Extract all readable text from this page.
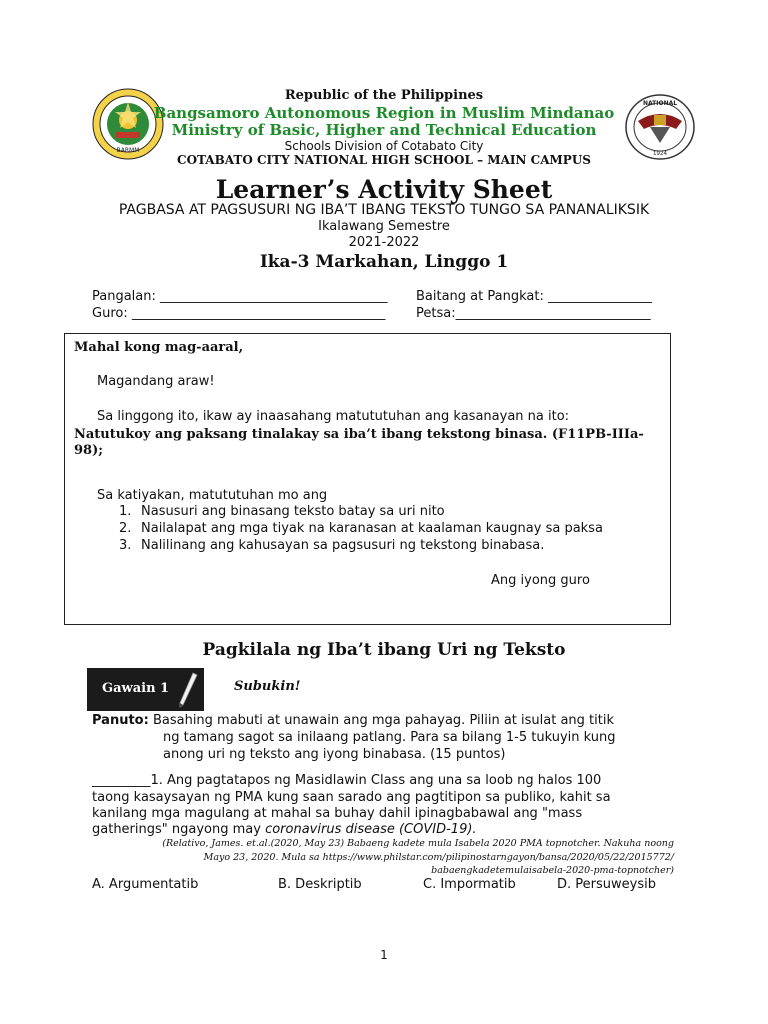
BARMM
NATIONAL
1924
Republic of the Philippines
Bangsamoro Autonomous Region in Muslim Mindanao
Ministry of Basic, Higher and Technical Education
Schools Division of Cotabato City
COTABATO CITY NATIONAL HIGH SCHOOL – MAIN CAMPUS
Learner’s Activity Sheet
PAGBASA AT PAGSUSURI NG IBA’T IBANG TEKSTO TUNGO SA PANANALIKSIK
Ikalawang Semestre
2021-2022
Ika-3 Markahan, Linggo 1
Pangalan: ___________________________________ Baitang at Pangkat: ________________
Guro: _______________________________________ Petsa:______________________________
Mahal kong mag-aaral,
Magandang araw!
Sa linggong ito, ikaw ay inaasahang matututuhan ang kasanayan na ito:
Natutukoy ang paksang tinalakay sa iba’t ibang tekstong binasa. (F11PB-IIIa-
98);
Sa katiyakan, matututuhan mo ang
1. Nasusuri ang binasang teksto batay sa uri nito
2. Nailalapat ang mga tiyak na karanasan at kaalaman kaugnay sa paksa
3. Nalilinang ang kahusayan sa pagsusuri ng tekstong binabasa.
Ang iyong guro
Pagkilala ng Iba’t ibang Uri ng Teksto
Gawain 1	Subukin!
Panuto: Basahing mabuti at unawain ang mga pahayag. Piliin at isulat ang titik
ng tamang sagot sa inilaang patlang. Para sa bilang 1-5 tukuyin kung
anong uri ng teksto ang iyong binabasa. (15 puntos)
_________1. Ang pagtatapos ng Masidlawin Class ang una sa loob ng halos 100
taong kasaysayan ng PMA kung saan sarado ang pagtitipon sa publiko, kahit sa
kanilang mga magulang at mahal sa buhay dahil ipinagbabawal ang "mass
gatherings" ngayong may coronavirus disease (COVID-19).
(Relativo, James. et.al.(2020, May 23) Babaeng kadete mula Isabela 2020 PMA topnotcher. Nakuha noong
Mayo 23, 2020. Mula sa https://www.philstar.com/pilipinostarngayon/bansa/2020/05/22/2015772/
babaengkadetemulaisabela-2020-pma-topnotcher)
A. Argumentatib	B. Deskriptib	C. Impormatib	D. Persuweysib
1
